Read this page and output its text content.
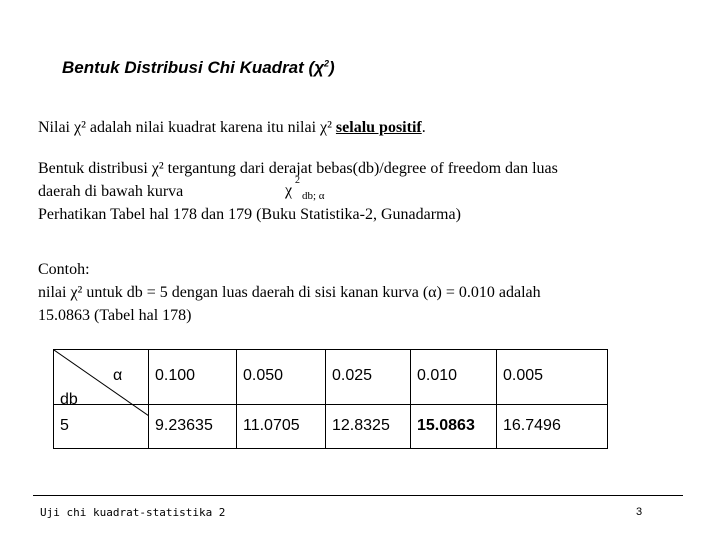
Bentuk Distribusi Chi Kuadrat $(\chi^2)$
Nilai χ² adalah nilai kuadrat karena itu nilai χ² selalu positif.
Bentuk distribusi χ² tergantung dari derajat bebas(db)/degree of freedom dan luas
daerah di bawah kurva
Perhatikan Tabel hal 178 dan 179 (Buku Statistika-2, Gunadarma)
χ
2
db; α
Contoh:
nilai χ² untuk db = 5 dengan luas daerah di sisi kanan kurva (α) = 0.010 adalah
15.0863 (Tabel hal 178)
α
db	0.100	0.050	0.025	0.010	0.005
5	9.23635	11.0705	12.8325	15.0863	16.7496
Uji chi kuadrat-statistika 2	3
